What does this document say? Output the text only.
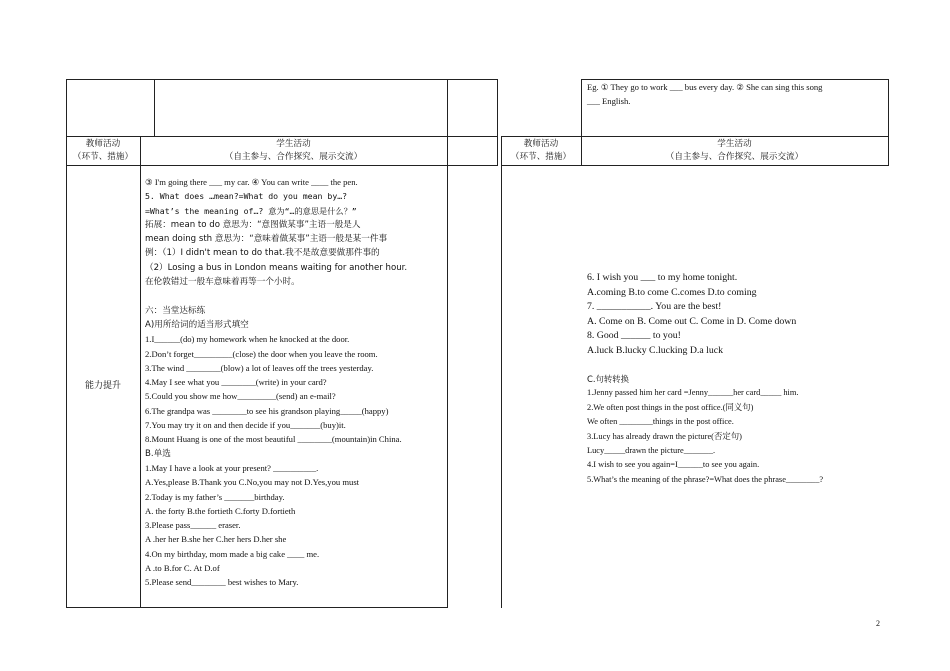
Eg. ① They go to work ___ bus every day. ② She can sing this song
___ English.
教师活动
（环节、措施）
学生活动
（自主参与、合作探究、展示交流）
教师活动
（环节、措施）
学生活动
（自主参与、合作探究、展示交流）
能力提升
③ I'm going there ___ my car. ④ You can write ____ the pen.
5. What does …mean?=What do you mean by…?
=What’s the meaning of…? 意为“…的意思是什么？”
拓展：mean to do 意思为：“意图做某事”主语一般是人
mean doing sth 意思为：“意味着做某事”主语一般是某一件事
例：（1）I didn't mean to do that.我不是故意要做那件事的
（2）Losing a bus in London means waiting for another hour.
在伦敦错过一般车意味着再等一个小时。
六：当堂达标练
A)用所给词的适当形式填空
1.I______(do) my homework when he knocked at the door.
2.Don’t forget_________(close) the door when you leave the room.
3.The wind ________(blow) a lot of leaves off the trees yesterday.
4.May I see what you ________(write) in your card?
5.Could you show me how_________(send) an e-mail?
6.The grandpa was ________to see his grandson playing_____(happy)
7.You may try it on and then decide if you_______(buy)it.
8.Mount Huang is one of the most beautiful ________(mountain)in China.
B.单选
1.May I have a look at your present? __________.
A.Yes,please B.Thank you C.No,you may not D.Yes,you must
2.Today is my father’s _______birthday.
A. the forty B.the fortieth C.forty D.fortieth
3.Please pass______ eraser.
A .her her B.she her C.her hers D.her she
4.On my birthday, mom made a big cake ____ me.
A .to B.for C. At D.of
5.Please send________ best wishes to Mary.
6. I wish you ___ to my home tonight.
A.coming B.to come C.comes D.to coming
7. ___________. You are the best!
A. Come on B. Come out C. Come in D. Come down
8. Good ______ to you!
A.luck B.lucky C.lucking D.a luck
C.句转转换
1.Jenny passed him her card =Jenny______her card_____ him.
2.We often post things in the post office.(同义句)
We often ________things in the post office.
3.Lucy has already drawn the picture(否定句)
Lucy_____drawn the picture_______.
4.I wish to see you again=I______to see you again.
5.What’s the meaning of the phrase?=What does the phrase________?
2
